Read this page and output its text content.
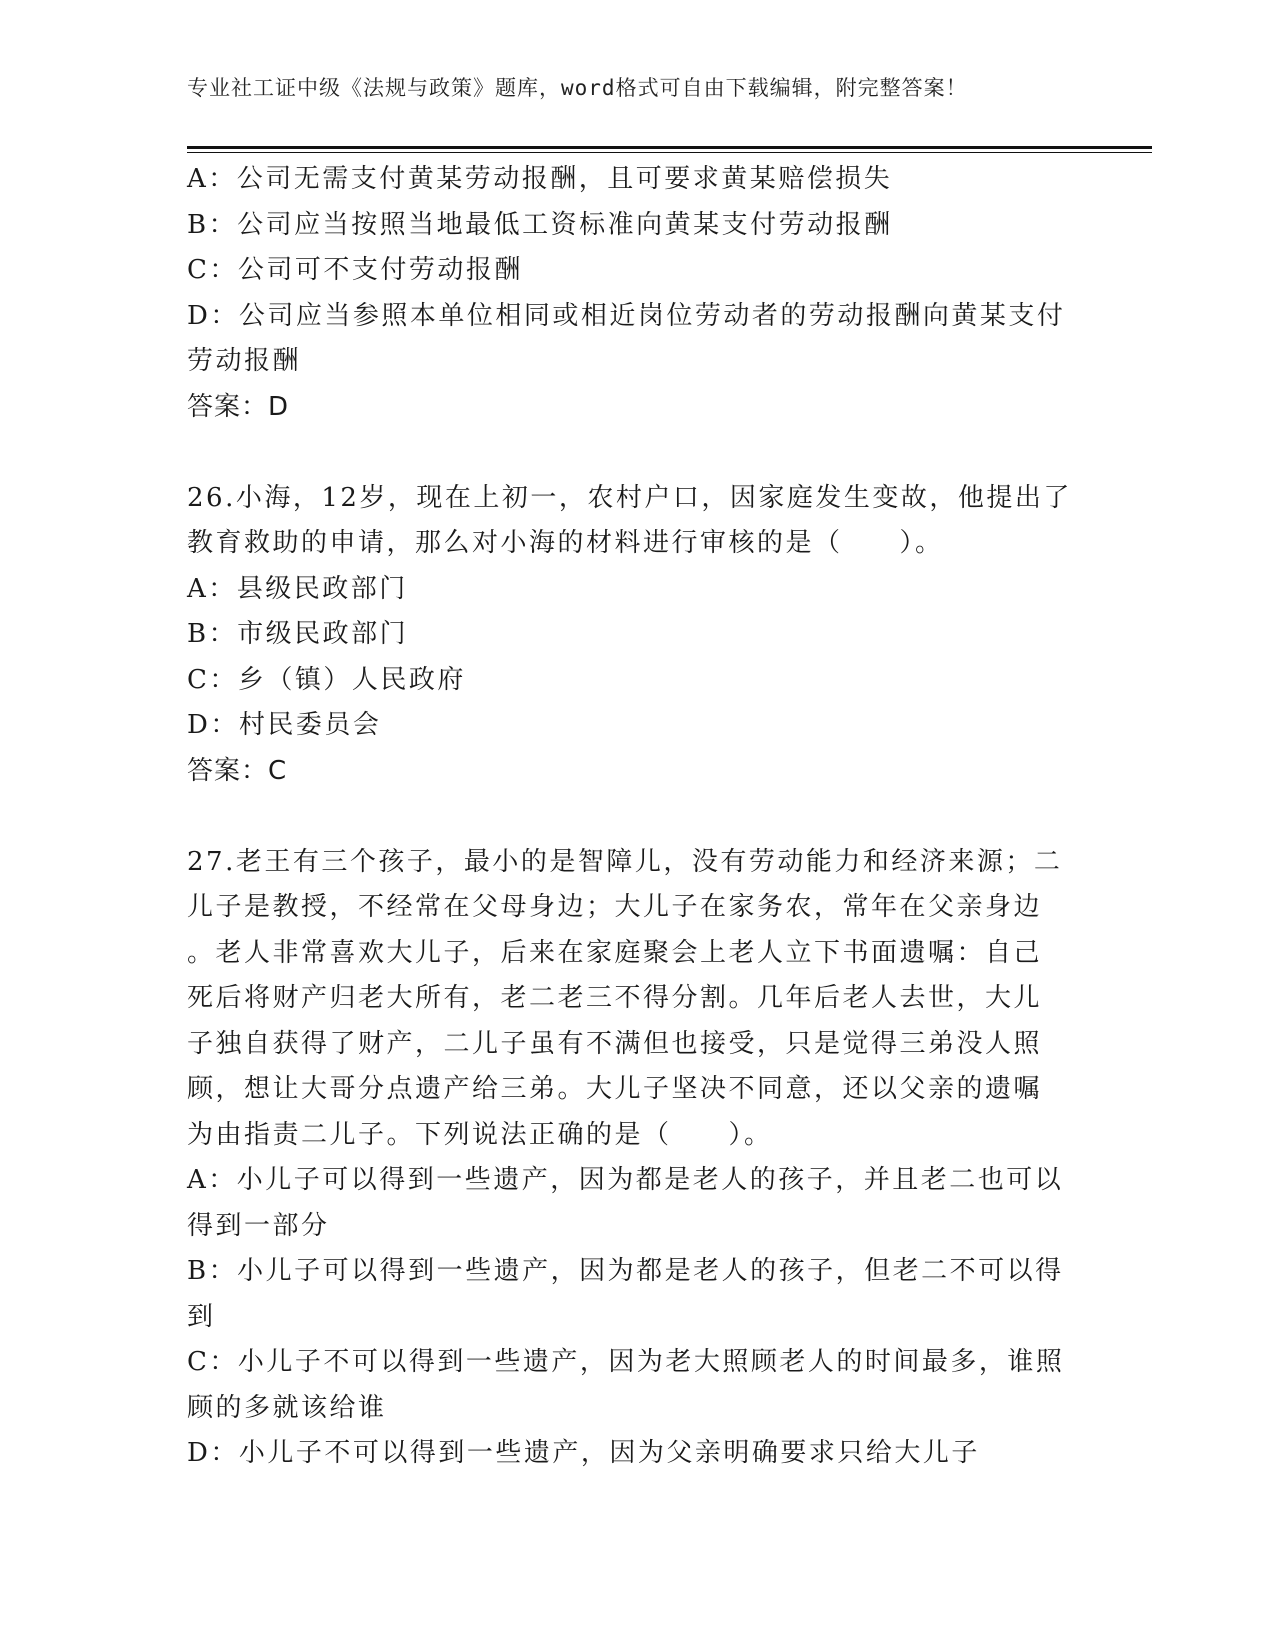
专业社工证中级《法规与政策》题库，word格式可自由下载编辑，附完整答案！

A：公司无需支付黄某劳动报酬，且可要求黄某赔偿损失

B：公司应当按照当地最低工资标准向黄某支付劳动报酬

C：公司可不支付劳动报酬

D：公司应当参照本单位相同或相近岗位劳动者的劳动报酬向黄某支付

劳动报酬

答案：D

26.小海，12岁，现在上初一，农村户口，因家庭发生变故，他提出了

教育救助的申请，那么对小海的材料进行审核的是（　　）。

A：县级民政部门

B：市级民政部门

C：乡（镇）人民政府

D：村民委员会

答案：C

27.老王有三个孩子，最小的是智障儿，没有劳动能力和经济来源；二

儿子是教授，不经常在父母身边；大儿子在家务农，常年在父亲身边

。老人非常喜欢大儿子，后来在家庭聚会上老人立下书面遗嘱：自己

死后将财产归老大所有，老二老三不得分割。几年后老人去世，大儿

子独自获得了财产，二儿子虽有不满但也接受，只是觉得三弟没人照

顾，想让大哥分点遗产给三弟。大儿子坚决不同意，还以父亲的遗嘱

为由指责二儿子。下列说法正确的是（　　）。

A：小儿子可以得到一些遗产，因为都是老人的孩子，并且老二也可以

得到一部分

B：小儿子可以得到一些遗产，因为都是老人的孩子，但老二不可以得

到

C：小儿子不可以得到一些遗产，因为老大照顾老人的时间最多，谁照

顾的多就该给谁

D：小儿子不可以得到一些遗产，因为父亲明确要求只给大儿子
